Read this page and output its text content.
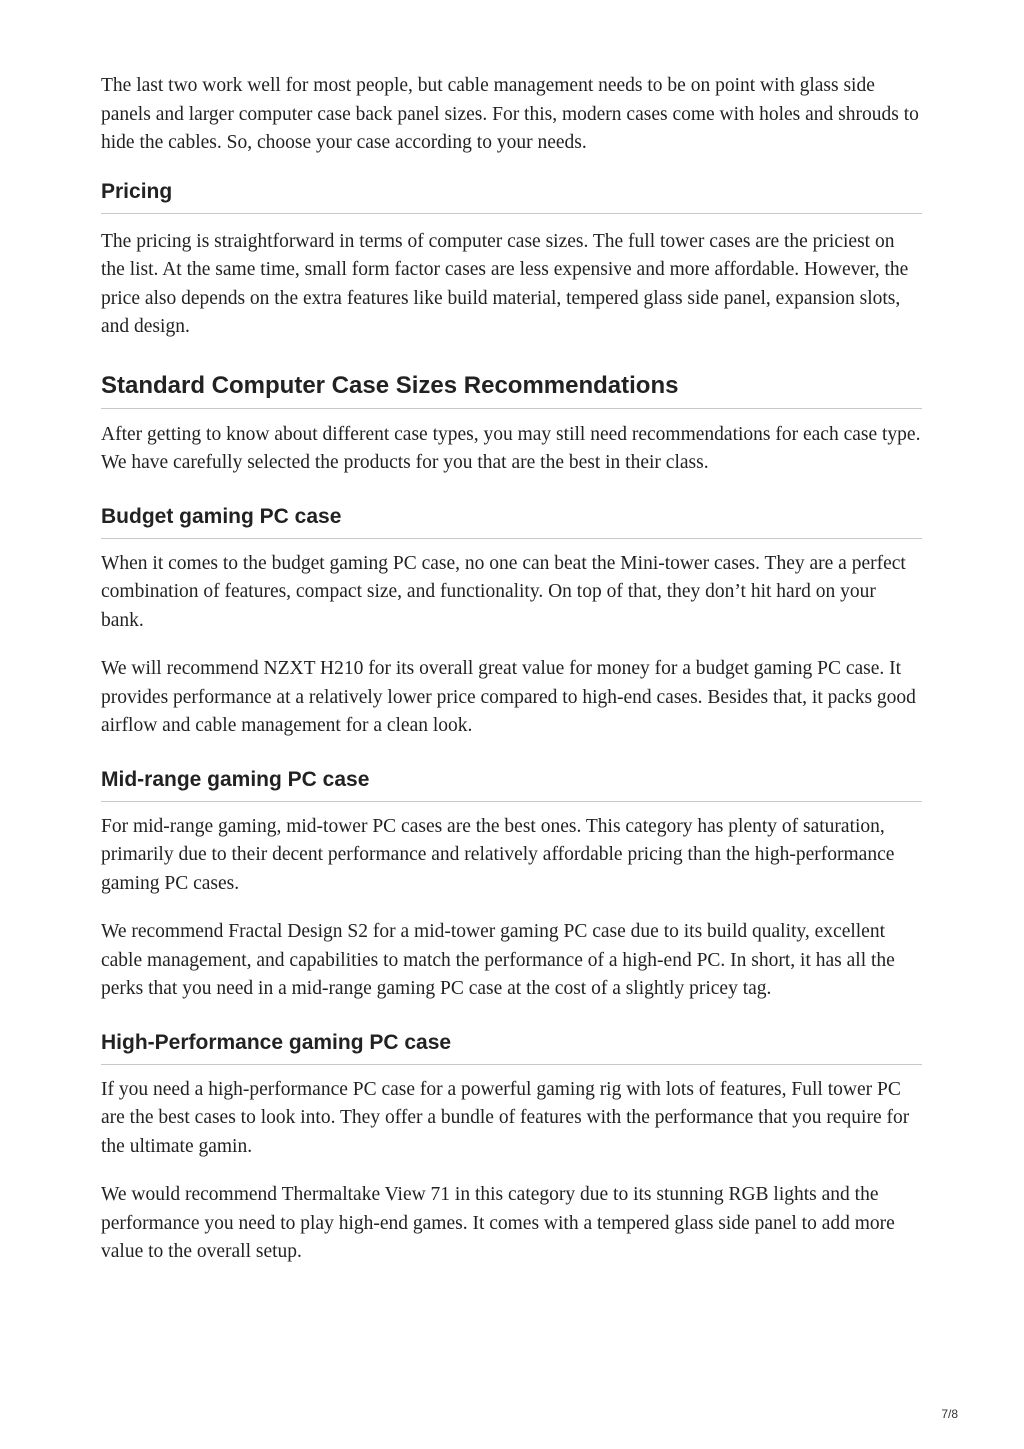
The last two work well for most people, but cable management needs to be on point with glass side panels and larger computer case back panel sizes. For this, modern cases come with holes and shrouds to hide the cables. So, choose your case according to your needs.

Pricing

The pricing is straightforward in terms of computer case sizes. The full tower cases are the priciest on the list. At the same time, small form factor cases are less expensive and more affordable. However, the price also depends on the extra features like build material, tempered glass side panel, expansion slots, and design.

Standard Computer Case Sizes Recommendations

After getting to know about different case types, you may still need recommendations for each case type. We have carefully selected the products for you that are the best in their class.

Budget gaming PC case

When it comes to the budget gaming PC case, no one can beat the Mini-tower cases. They are a perfect combination of features, compact size, and functionality. On top of that, they don’t hit hard on your bank.

We will recommend NZXT H210 for its overall great value for money for a budget gaming PC case. It provides performance at a relatively lower price compared to high-end cases. Besides that, it packs good airflow and cable management for a clean look.

Mid-range gaming PC case

For mid-range gaming, mid-tower PC cases are the best ones. This category has plenty of saturation, primarily due to their decent performance and relatively affordable pricing than the high-performance gaming PC cases.

We recommend Fractal Design S2 for a mid-tower gaming PC case due to its build quality, excellent cable management, and capabilities to match the performance of a high-end PC. In short, it has all the perks that you need in a mid-range gaming PC case at the cost of a slightly pricey tag.

High-Performance gaming PC case

If you need a high-performance PC case for a powerful gaming rig with lots of features, Full tower PC are the best cases to look into. They offer a bundle of features with the performance that you require for the ultimate gamin.

We would recommend Thermaltake View 71 in this category due to its stunning RGB lights and the performance you need to play high-end games. It comes with a tempered glass side panel to add more value to the overall setup.

7/8
